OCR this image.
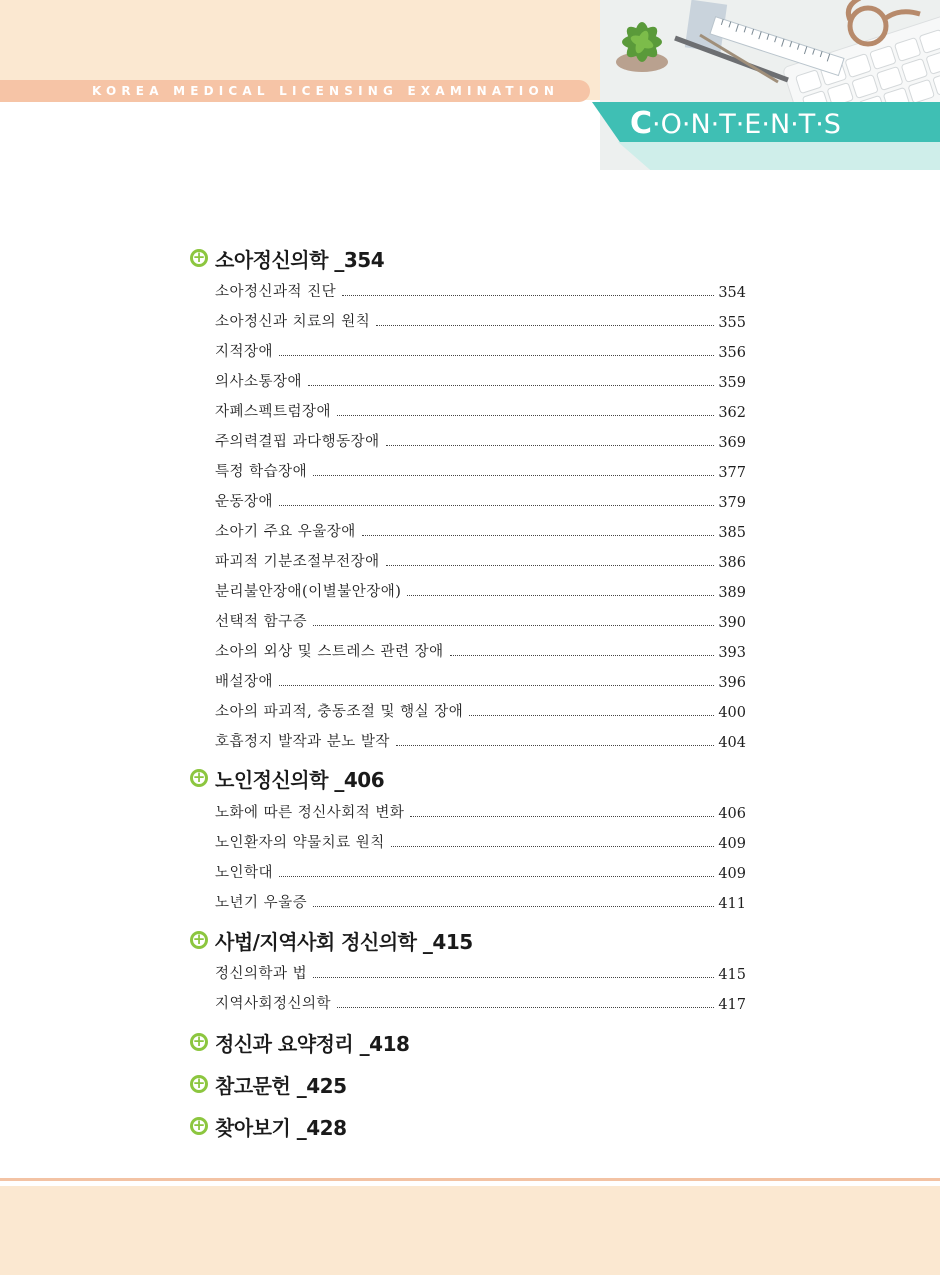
KOREA MEDICAL LICENSING EXAMINATION
C·O·N·T·E·N·T·S
+
소아정신의학 _354
소아정신과적 진단	354
소아정신과 치료의 원칙	355
지적장애	356
의사소통장애	359
자폐스펙트럼장애	362
주의력결핍 과다행동장애	369
특정 학습장애	377
운동장애	379
소아기 주요 우울장애	385
파괴적 기분조절부전장애	386
분리불안장애(이별불안장애)	389
선택적 함구증	390
소아의 외상 및 스트레스 관련 장애	393
배설장애	396
소아의 파괴적, 충동조절 및 행실 장애	400
호흡정지 발작과 분노 발작	404
+
노인정신의학 _406
노화에 따른 정신사회적 변화	406
노인환자의 약물치료 원칙	409
노인학대	409
노년기 우울증	411
+
사법/지역사회 정신의학 _415
정신의학과 법	415
지역사회정신의학	417
+
정신과 요약정리 _418
+
참고문헌 _425
+
찾아보기 _428
